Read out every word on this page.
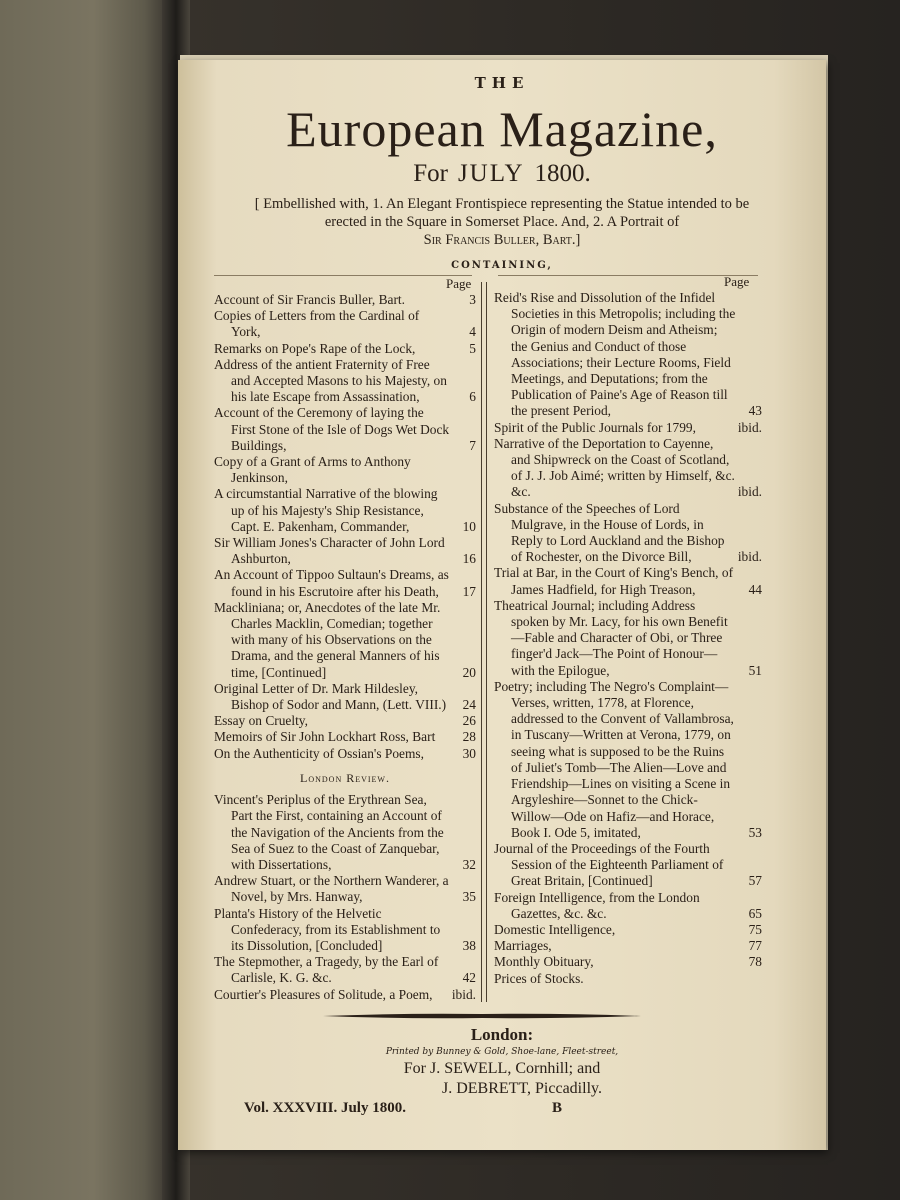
THE
European Magazine,
For JULY 1800.
[ Embellished with, 1. An Elegant Frontispiece representing the Statue intended to be
erected in the Square in Somerset Place. And, 2. A Portrait of
Sir Francis Buller, Bart.]
CONTAINING,
Page	Page
Account of Sir Francis Buller, Bart.	3
Copies of Letters from the Cardinal of York,	4
Remarks on Pope's Rape of the Lock,	5
Address of the antient Fraternity of Free and Accepted Masons to his Majesty, on his late Escape from Assassination,	6
Account of the Ceremony of laying the First Stone of the Isle of Dogs Wet Dock Buildings,	7
Copy of a Grant of Arms to Anthony Jenkinson,
A circumstantial Narrative of the blowing up of his Majesty's Ship Resistance, Capt. E. Pakenham, Commander,	10
Sir William Jones's Character of John Lord Ashburton,	16
An Account of Tippoo Sultaun's Dreams, as found in his Escrutoire after his Death,	17
Mackliniana; or, Anecdotes of the late Mr. Charles Macklin, Comedian; together with many of his Observations on the Drama, and the general Manners of his time, [Continued]	20
Original Letter of Dr. Mark Hildesley, Bishop of Sodor and Mann, (Lett. VIII.)	24
Essay on Cruelty,	26
Memoirs of Sir John Lockhart Ross, Bart	28
On the Authenticity of Ossian's Poems,	30
London Review.
Vincent's Periplus of the Erythrean Sea, Part the First, containing an Account of the Navigation of the Ancients from the Sea of Suez to the Coast of Zanquebar, with Dissertations,	32
Andrew Stuart, or the Northern Wanderer, a Novel, by Mrs. Hanway,	35
Planta's History of the Helvetic Confederacy, from its Establishment to its Dissolution, [Concluded]	38
The Stepmother, a Tragedy, by the Earl of Carlisle, K. G. &c.	42
Courtier's Pleasures of Solitude, a Poem,	ibid.
Reid's Rise and Dissolution of the Infidel Societies in this Metropolis; including the Origin of modern Deism and Atheism; the Genius and Conduct of those Associations; their Lecture Rooms, Field Meetings, and Deputations; from the Publication of Paine's Age of Reason till the present Period,	43
Spirit of the Public Journals for 1799,	ibid.
Narrative of the Deportation to Cayenne, and Shipwreck on the Coast of Scotland, of J. J. Job Aimé; written by Himself, &c. &c.	ibid.
Substance of the Speeches of Lord Mulgrave, in the House of Lords, in Reply to Lord Auckland and the Bishop of Rochester, on the Divorce Bill,	ibid.
Trial at Bar, in the Court of King's Bench, of James Hadfield, for High Treason,	44
Theatrical Journal; including Address spoken by Mr. Lacy, for his own Benefit—Fable and Character of Obi, or Three finger'd Jack—The Point of Honour—with the Epilogue,	51
Poetry; including The Negro's Complaint—Verses, written, 1778, at Florence, addressed to the Convent of Vallambrosa, in Tuscany—Written at Verona, 1779, on seeing what is supposed to be the Ruins of Juliet's Tomb—The Alien—Love and Friendship—Lines on visiting a Scene in Argyleshire—Sonnet to the Chick-Willow—Ode on Hafiz—and Horace, Book I. Ode 5, imitated,	53
Journal of the Proceedings of the Fourth Session of the Eighteenth Parliament of Great Britain, [Continued]	57
Foreign Intelligence, from the London Gazettes, &c. &c.	65
Domestic Intelligence,	75
Marriages,	77
Monthly Obituary,	78
Prices of Stocks.
London:
Printed by Bunney & Gold, Shoe-lane, Fleet-street,
For J. SEWELL, Cornhill; and
J. DEBRETT, Piccadilly.
Vol. XXXVIII. July 1800.	B
